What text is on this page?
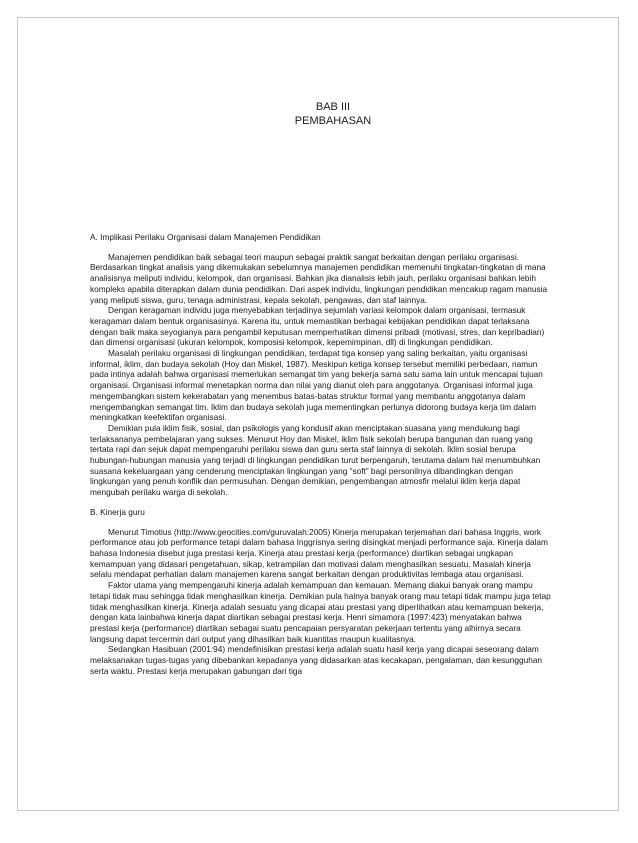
BAB III
PEMBAHASAN

A. Implikasi Perilaku Organisasi dalam Manajemen Pendidikan

Manajemen pendidikan baik sebagai teori maupun sebagai praktik sangat berkaitan dengan perilaku organisasi. Berdasarkan tingkat analisis yang dikemukakan sebelumnya manajemen pendidikan memenuhi tingkatan-tingkatan di mana analisisnya meliputi individu, kelompok, dan organisasi. Bahkan jika dianalisis lebih jauh, perilaku organisasi bahkan lebih kompleks apabila diterapkan dalam dunia pendidikan. Dari aspek individu, lingkungan pendidikan mencakup ragam manusia yang meliputi siswa, guru, tenaga administrasi, kepala sekolah, pengawas, dan staf lainnya.

Dengan keragaman individu juga menyebabkan terjadinya sejumlah variasi kelompok dalam organisasi, termasuk keragaman dalam bentuk organisasinya. Karena itu, untuk memastikan berbagai kebijakan pendidikan dapat terlaksana dengan baik maka seyogianya para pengambil keputusan memperhatikan dimensi pribadi (motivasi, stres, dan kepribadian) dan dimensi organisasi (ukuran kelompok, komposisi kelompok, kepemimpinan, dll) di lingkungan pendidikan.

Masalah perilaku organisasi di lingkungan pendidikan, terdapat tiga konsep yang saling berkaitan, yaitu organisasi informal, iklim, dan budaya sekolah (Hoy dan Miskel, 1987). Meskipun ketiga konsep tersebut memiliki perbedaan, namun pada intinya adalah bahwa organisasi memerlukan semangat tim yang bekerja sama satu sama lain untuk mencapai tujuan organisasi. Organisasi informal menetapkan norma dan nilai yang dianut oleh para anggotanya. Organisasi informal juga mengembangkan sistem kekerabatan yang menembus batas-batas struktur formal yang membantu anggotanya dalam mengembangkan semangat tim. Iklim dan budaya sekolah juga mementingkan perlunya didorong budaya kerja tim dalam meningkatkan keefektifan organisasi.

Demikian pula iklim fisik, sosial, dan psikologis yang kondusif akan menciptakan suasana yang mendukung bagi terlaksananya pembelajaran yang sukses. Menurut Hoy dan Miskel, iklim fisik sekolah berupa bangunan dan ruang yang tertata rapi dan sejuk dapat mempengaruhi perilaku siswa dan guru serta staf lainnya di sekolah. Iklim sosial berupa hubungan-hubungan manusia yang terjadi di lingkungan pendidikan turut berpengaruh, terutama dalam hal menumbuhkan suasana kekeluargaan yang cenderung menciptakan lingkungan yang “soft” bagi personilnya dibandingkan dengan lingkungan yang penuh konflik dan permusuhan. Dengan demikian, pengembangan atmosfir melalui iklim kerja dapat mengubah perilaku warga di sekolah.

B. Kinerja guru

Menurut Timotius (http://www.geocities.com/guruvalah:2005) Kinerja merupakan terjemahan dari bahasa Inggris, work performance atau job performance tetapi dalam bahasa Inggrisnya sering disingkat menjadi performance saja. Kinerja dalam bahasa Indonesia disebut juga prestasi kerja. Kinerja atau prestasi kerja (performance) diartikan sebagai ungkapan kemampuan yang didasari pengetahuan, sikap, ketrampilan dan motivasi dalam menghasilkan sesuatu. Masalah kinerja selalu mendapat perhatian dalam manajemen karena sangat berkaitan dengan produktivitas lembaga atau organisasi.

Faktor utama yang mempengaruhi kinerja adalah kemampuan dan kemauan. Memang diakui banyak orang mampu tetapi tidak mau sehingga tidak menghasilkan kinerja. Demikian pula halnya banyak orang mau tetapi tidak mampu juga tetap tidak menghasilkan kinerja. Kinerja adalah sesuatu yang dicapai atau prestasi yang diperlihatkan atau kemampuan bekerja, dengan kata lainbahwa kinerja dapat diartikan sebagai prestasi kerja. Henri simamora (1997:423) menyatakan bahwa prestasi kerja (performance) diartikan sebagai suatu pencapaian persyaratan pekerjaan tertentu yang alhirnya secara langsung dapat tercermin dari output yang dihasilkan baik kuantitas maupun kualitasnya.

Sedangkan Hasibuan (2001:94) mendefinisikan prestasi kerja adalah suatu hasil kerja yang dicapai seseorang dalam melaksanakan tugas-tugas yang dibebankan kepadanya yang didasarkan atas kecakapan, pengalaman, dan kesungguhan serta waktu. Prestasi kerja merupakan gabungan dari tiga
